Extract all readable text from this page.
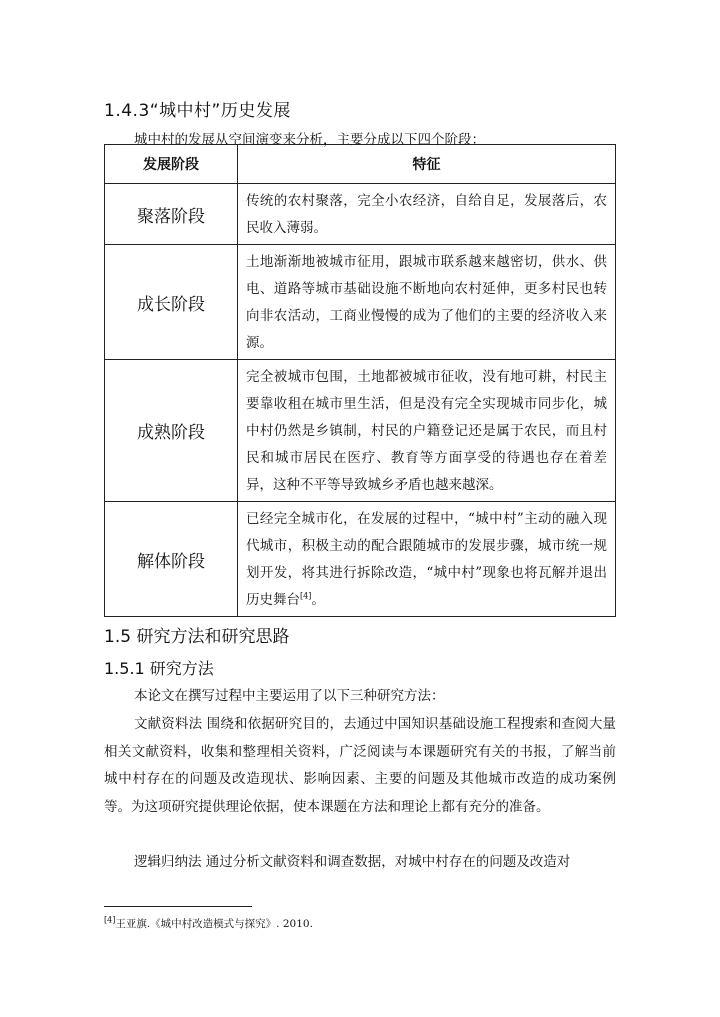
1.4.3“城中村”历史发展
城中村的发展从空间演变来分析，主要分成以下四个阶段：
发展阶段	特征
聚落阶段	传统的农村聚落，完全小农经济，自给自足，发展落后，农民收入薄弱。
成长阶段	土地渐渐地被城市征用，跟城市联系越来越密切，供水、供电、道路等城市基础设施不断地向农村延伸，更多村民也转向非农活动，工商业慢慢的成为了他们的主要的经济收入来源。
成熟阶段	完全被城市包围，土地都被城市征收，没有地可耕，村民主要靠收租在城市里生活，但是没有完全实现城市同步化，城中村仍然是乡镇制，村民的户籍登记还是属于农民，而且村民和城市居民在医疗、教育等方面享受的待遇也存在着差异，这种不平等导致城乡矛盾也越来越深。
解体阶段	已经完全城市化，在发展的过程中，“城中村”主动的融入现代城市，积极主动的配合跟随城市的发展步骤，城市统一规划开发，将其进行拆除改造，“城中村”现象也将瓦解并退出历史舞台[4]。
1.5 研究方法和研究思路
1.5.1 研究方法

本论文在撰写过程中主要运用了以下三种研究方法：

文献资料法 围绕和依据研究目的，去通过中国知识基础设施工程搜索和查阅大量相关文献资料，收集和整理相关资料，广泛阅读与本课题研究有关的书报，了解当前城中村存在的问题及改造现状、影响因素、主要的问题及其他城市改造的成功案例等。为这项研究提供理论依据，使本课题在方法和理论上都有充分的准备。

逻辑归纳法 通过分析文献资料和调查数据，对城中村存在的问题及改造对

[4]王亚旗.《城中村改造模式与探究》. 2010.
